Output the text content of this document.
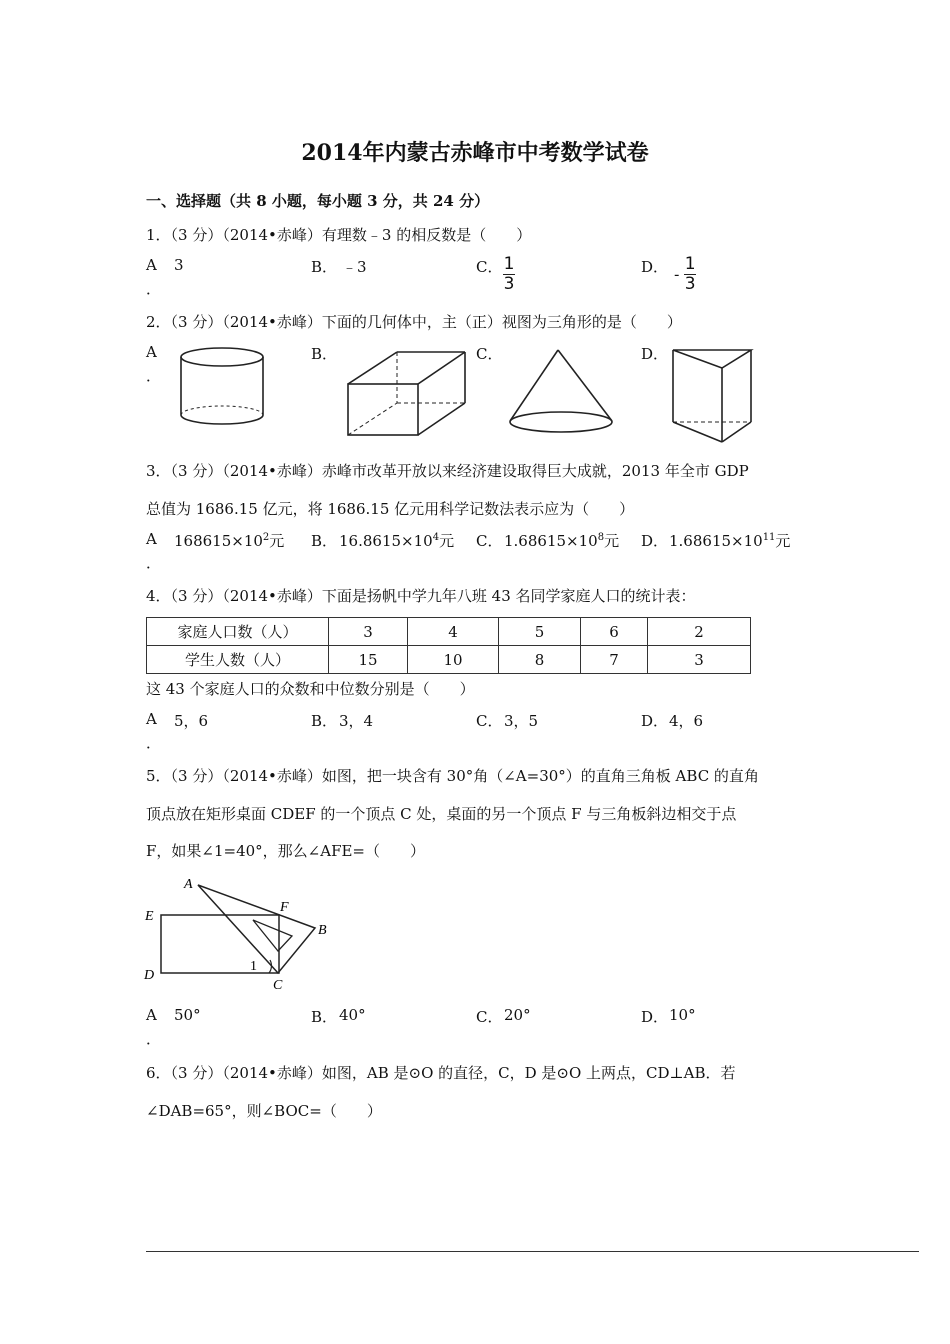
2014年内蒙古赤峰市中考数学试卷
一、选择题（共 8 小题，每小题 3 分，共 24 分）
1．（3 分）（2014•赤峰）有理数﹣3 的相反数是（　　）
A
．
3	B． ﹣3	C． $\frac{1}{3}$	D． - $\frac{1}{3}$
2．（3 分）（2014•赤峰）下面的几何体中，主（正）视图为三角形的是（　　）
A
．
B．	C．	D．
3．（3 分）（2014•赤峰）赤峰市改革开放以来经济建设取得巨大成就，2013 年全市 GDP
总值为 1686.15 亿元，将 1686.15 亿元用科学记数法表示应为（　　）
A
．
$168615\times 10^2$元 B． $16.8615\times 10^4$元 C． $1.68615\times 10^8$元 D． $1.68615\times 10^{11}$元
4．（3 分）（2014•赤峰）下面是扬帆中学九年八班 43 名同学家庭人口的统计表：
家庭人口数（人）	3	4	5	6	2
学生人数（人）	15	10	8	7	3
这 43 个家庭人口的众数和中位数分别是（　　）
A
．
5，6	B． 3，4	C． 3，5	D． 4，6
5．（3 分）（2014•赤峰）如图，把一块含有 30°角（∠A=30°）的直角三角板 ABC 的直角
顶点放在矩形桌面 CDEF 的一个顶点 C 处，桌面的另一个顶点 F 与三角板斜边相交于点
F，如果∠1=40°，那么∠AFE=（　　）
A
B
C
D
E
F
1
A
．
50°	B． 40°	C． 20°	D． 10°
6．（3 分）（2014•赤峰）如图，AB 是⊙O 的直径，C，D 是⊙O 上两点，CD⊥AB．若
∠DAB=65°，则∠BOC=（　　）
